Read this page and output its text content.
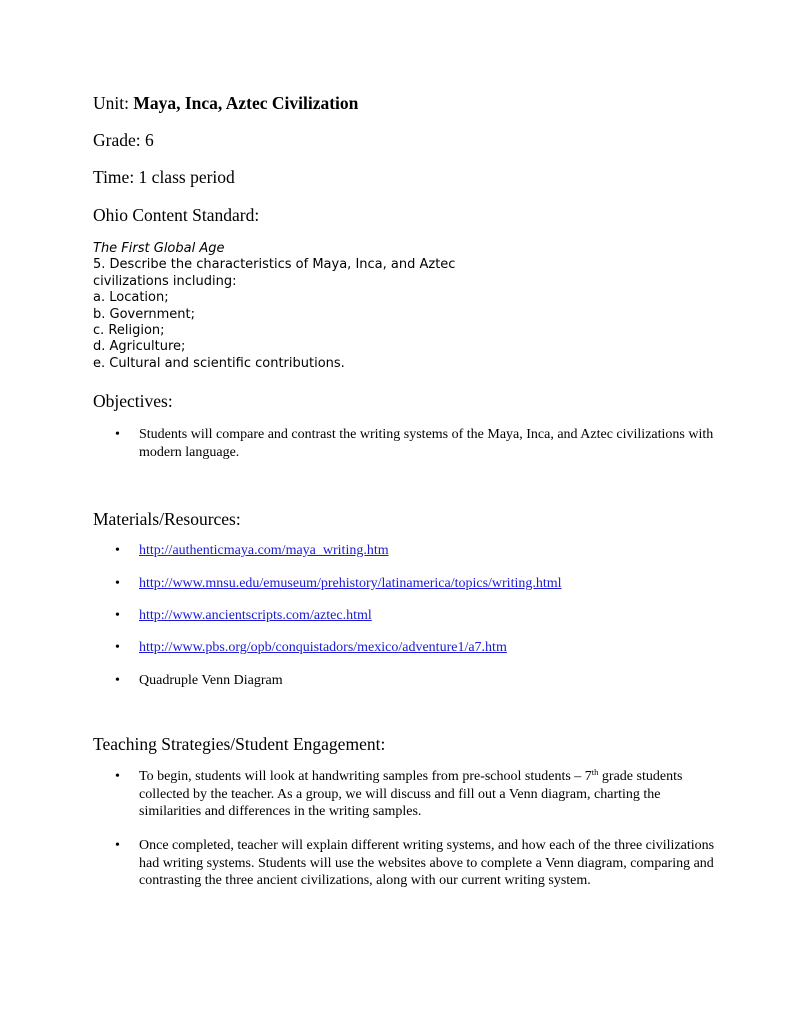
Unit: Maya, Inca, Aztec Civilization

Grade: 6

Time: 1 class period

Ohio Content Standard:

The First Global Age
5. Describe the characteristics of Maya, Inca, and Aztec
civilizations including:
a. Location;
b. Government;
c. Religion;
d. Agriculture;
e. Cultural and scientific contributions.

Objectives:

• Students will compare and contrast the writing systems of the Maya, Inca, and Aztec civilizations with modern language.

Materials/Resources:

• http://authenticmaya.com/maya_writing.htm
• http://www.mnsu.edu/emuseum/prehistory/latinamerica/topics/writing.html
• http://www.ancientscripts.com/aztec.html
• http://www.pbs.org/opb/conquistadors/mexico/adventure1/a7.htm
• Quadruple Venn Diagram

Teaching Strategies/Student Engagement:

• To begin, students will look at handwriting samples from pre-school students – 7th grade students collected by the teacher. As a group, we will discuss and fill out a Venn diagram, charting the similarities and differences in the writing samples.
• Once completed, teacher will explain different writing systems, and how each of the three civilizations had writing systems. Students will use the websites above to complete a Venn diagram, comparing and contrasting the three ancient civilizations, along with our current writing system.
